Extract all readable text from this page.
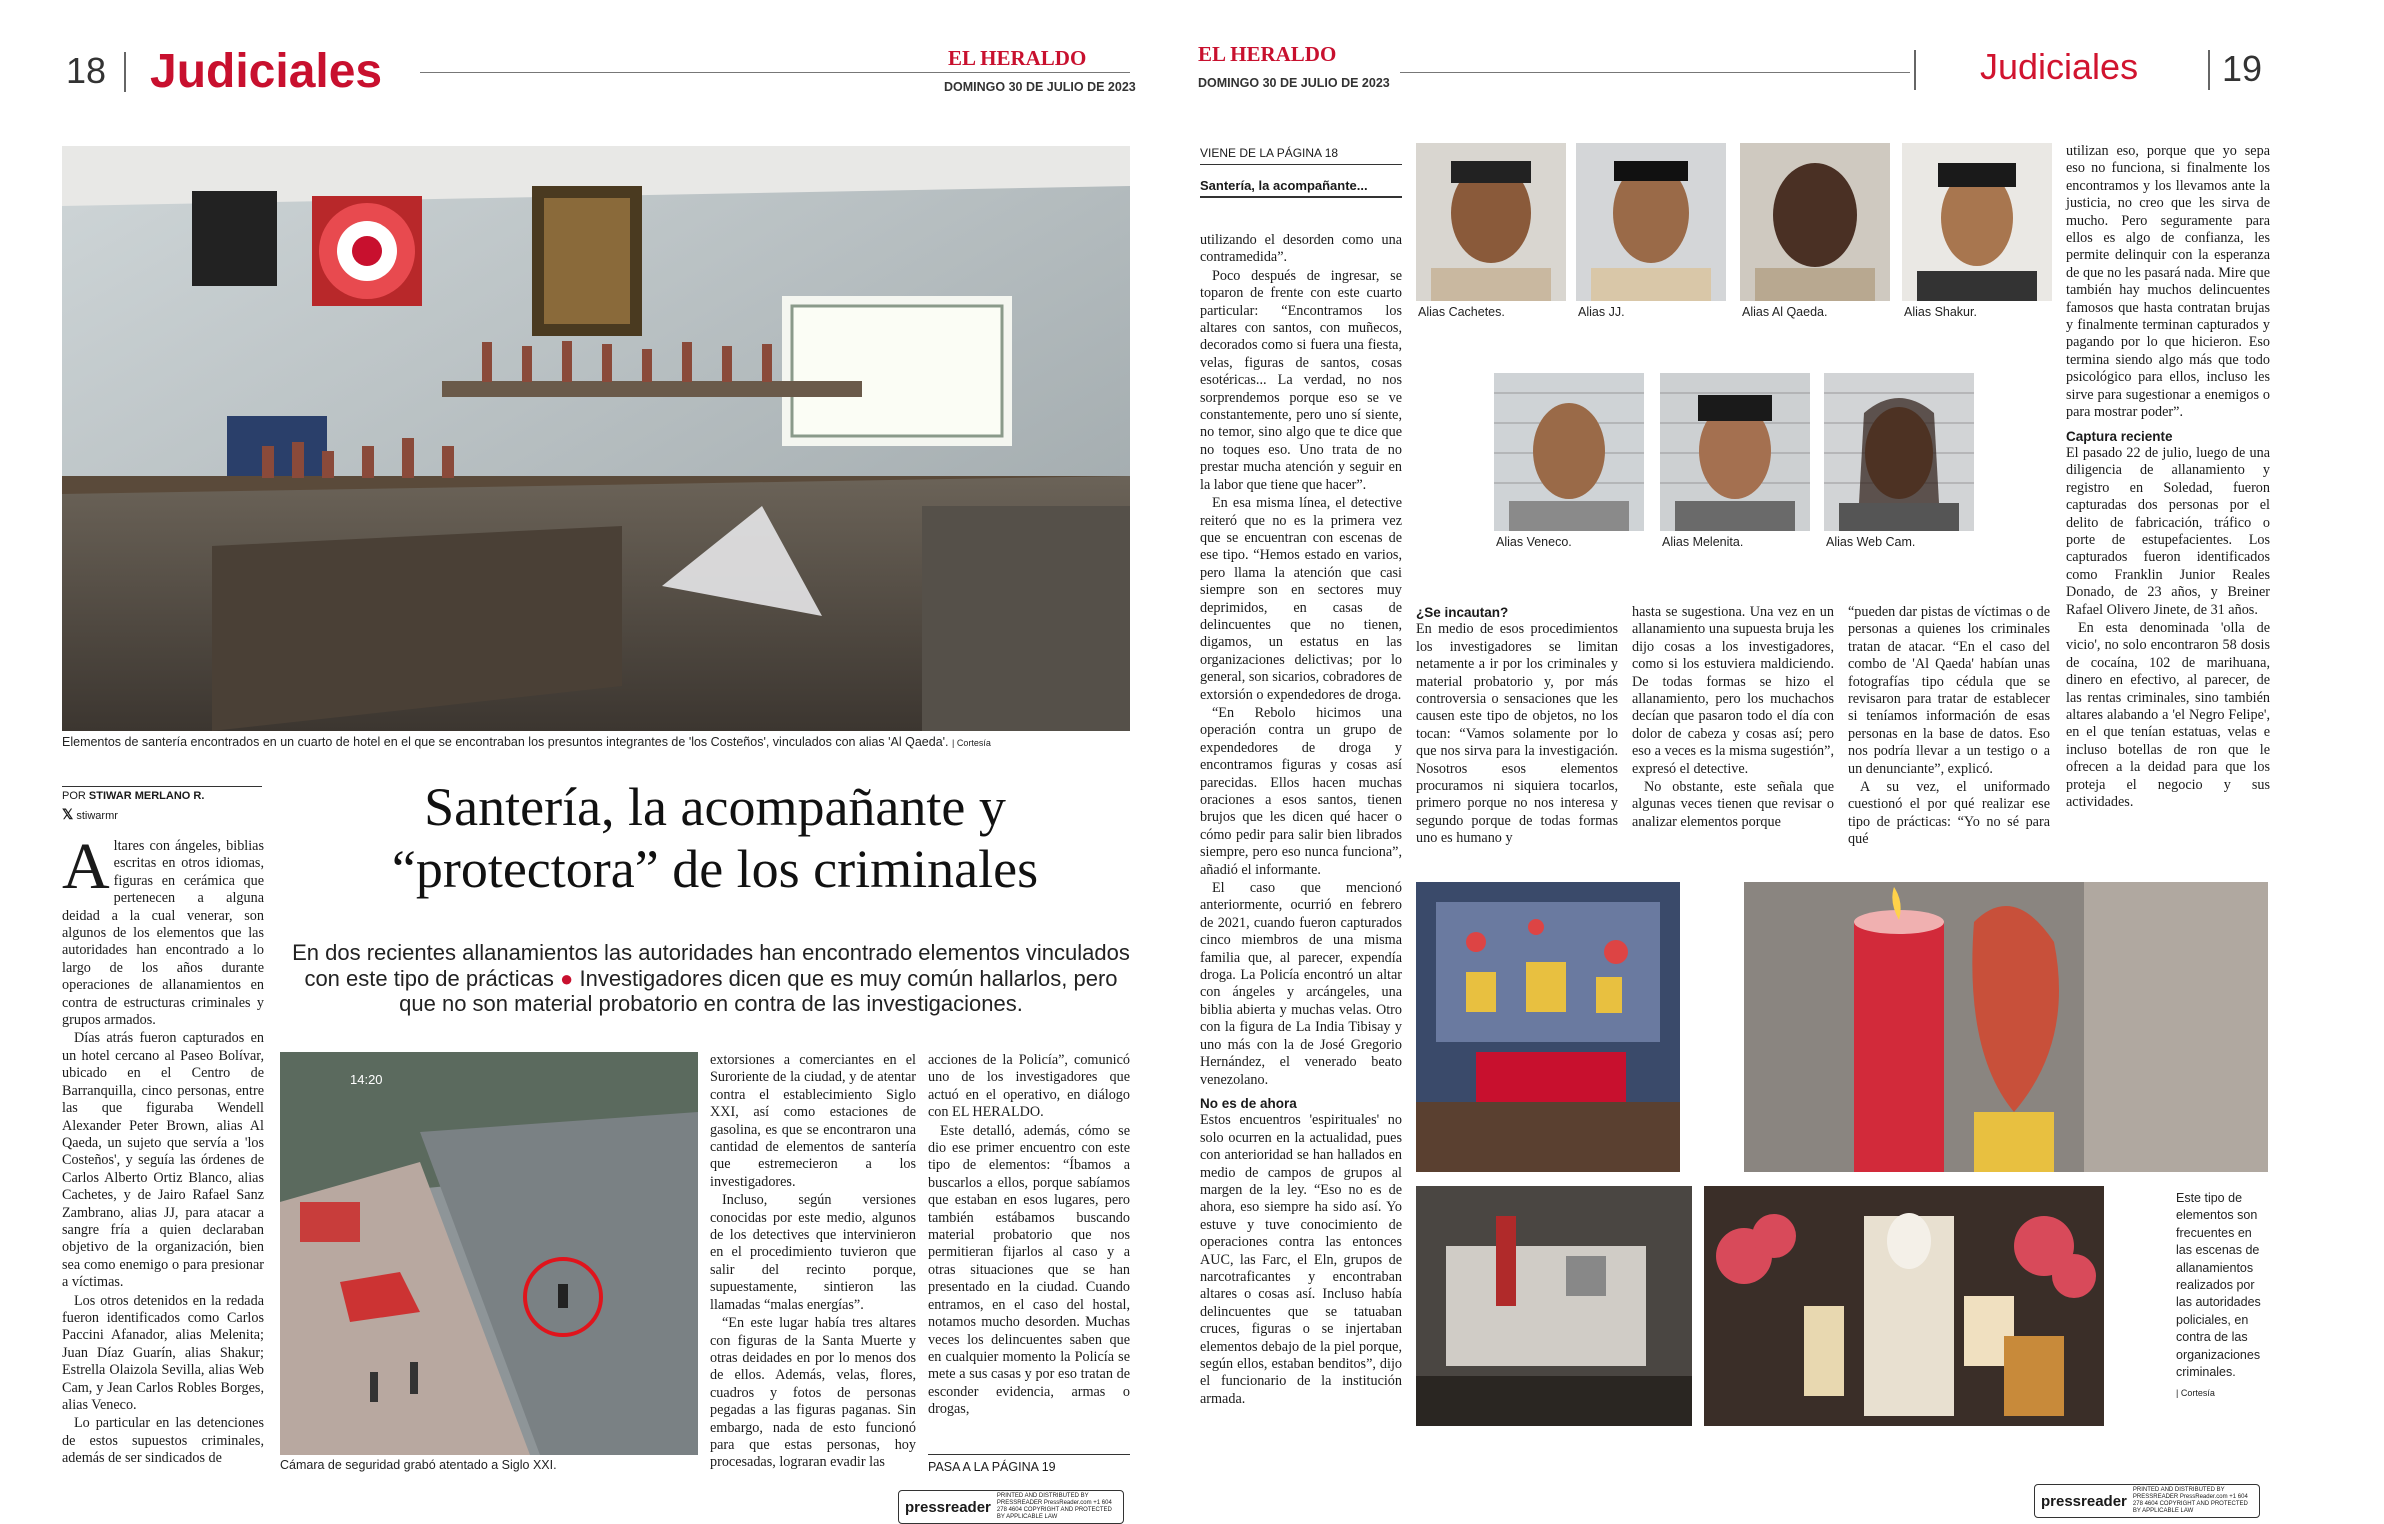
18 Judiciales	EL HERALDO
DOMINGO 30 DE JULIO DE 2023
Elementos de santería encontrados en un cuarto de hotel en el que se encontraban los presuntos integrantes de 'los Costeños', vinculados con alias 'Al Qaeda'. | Cortesía
POR STIWAR MERLANO R.
𝕏 stiwarmr	Santería, la acompañante y
“protectora” de los criminales
En dos recientes allanamientos las autoridades han encontrado elementos vinculados con este tipo de prácticas ● Investigadores dicen que es muy común hallarlos, pero que no son material probatorio en contra de las investigaciones.

Altares con ángeles, biblias escritas en otros idiomas, figuras en cerámica que pertenecen a alguna deidad a la cual venerar, son algunos de los elementos que las autoridades han encontrado a lo largo de los años durante operaciones de allanamientos en contra de estructuras criminales y grupos armados.

Días atrás fueron capturados en un hotel cercano al Paseo Bolívar, ubicado en el Centro de Barranquilla, cinco personas, entre las que figuraba Wendell Alexander Peter Brown, alias Al Qaeda, un sujeto que servía a 'los Costeños', y seguía las órdenes de Carlos Alberto Ortiz Blanco, alias Cachetes, y de Jairo Rafael Sanz Zambrano, alias JJ, para atacar a sangre fría a quien declaraban objetivo de la organización, bien sea como enemigo o para presionar a víctimas.

Los otros detenidos en la redada fueron identificados como Carlos Paccini Afanador, alias Melenita; Juan Díaz Guarín, alias Shakur; Estrella Olaizola Sevilla, alias Web Cam, y Jean Carlos Robles Borges, alias Veneco.

Lo particular en las detenciones de estos supuestos criminales, además de ser sindicados de

14:20
Cámara de seguridad grabó atentado a Siglo XXI.

extorsiones a comerciantes en el Suroriente de la ciudad, y de atentar contra el establecimiento Siglo XXI, así como estaciones de gasolina, es que se encontraron una cantidad de elementos de santería que estremecieron a los investigadores.

Incluso, según versiones conocidas por este medio, algunos de los detectives que intervinieron en el procedimiento tuvieron que salir del recinto porque, supuestamente, sintieron las llamadas “malas energías”.

“En este lugar había tres altares con figuras de la Santa Muerte y otras deidades en por lo menos dos de ellos. Además, velas, flores, cuadros y fotos de personas pegadas a las figuras paganas. Sin embargo, nada de esto funcionó para que estas personas, hoy procesadas, lograran evadir las

acciones de la Policía”, comunicó uno de los investigadores que actuó en el operativo, en diálogo con EL HERALDO.

Este detalló, además, cómo se dio ese primer encuentro con este tipo de elementos: “Íbamos a buscarlos a ellos, porque sabíamos que estaban en esos lugares, pero también estábamos buscando material probatorio que nos permitieran fijarlos al caso y a otras situaciones que se han presentado en la ciudad. Cuando entramos, en el caso del hostal, notamos mucho desorden. Muchas veces los delincuentes saben que en cualquier momento la Policía se mete a sus casas y por eso tratan de esconder evidencia, armas o drogas,

PASA A LA PÁGINA 19
pressreader
PRINTED AND DISTRIBUTED BY PRESSREADER PressReader.com +1 604 278 4604 COPYRIGHT AND PROTECTED BY APPLICABLE LAW
EL HERALDO
DOMINGO 30 DE JULIO DE 2023	Judiciales 19
VIENE DE LA PÁGINA 18
Santería, la acompañante...

utilizando el desorden como una contramedida”.

Poco después de ingresar, se toparon de frente con este cuarto particular: “Encontramos los altares con santos, con muñecos, decorados como si fuera una fiesta, velas, figuras de santos, cosas esotéricas... La verdad, no nos sorprendemos porque eso se ve constantemente, pero uno sí siente, no temor, sino algo que te dice que no toques eso. Uno trata de no prestar mucha atención y seguir en la labor que tiene que hacer”.

En esa misma línea, el detective reiteró que no es la primera vez que se encuentran con escenas de ese tipo. “Hemos estado en varios, pero llama la atención que casi siempre son en sectores muy deprimidos, en casas de delincuentes que no tienen, digamos, un estatus en las organizaciones delictivas; por lo general, son sicarios, cobradores de extorsión o expendedores de droga.

“En Rebolo hicimos una operación contra un grupo de expendedores de droga y encontramos figuras y cosas así parecidas. Ellos hacen muchas oraciones a esos santos, tienen brujos que les dicen qué hacer o cómo pedir para salir bien librados siempre, pero eso nunca funciona”, añadió el informante.

El caso que mencionó anteriormente, ocurrió en febrero de 2021, cuando fueron capturados cinco miembros de una misma familia que, al parecer, expendía droga. La Policía encontró un altar con ángeles y arcángeles, una biblia abierta y muchas velas. Otro con la figura de La India Tibisay y uno más con la de José Gregorio Hernández, el venerado beato venezolano.

No es de ahora

Estos encuentros 'espirituales' no solo ocurren en la actualidad, pues con anterioridad se han hallados en medio de campos de grupos al margen de la ley. “Eso no es de ahora, eso siempre ha sido así. Yo estuve y tuve conocimiento de operaciones contra las entonces AUC, las Farc, el Eln, grupos de narcotraficantes y encontraban altares o cosas así. Incluso había delincuentes que se tatuaban cruces, figuras o se injertaban elementos debajo de la piel porque, según ellos, estaban benditos”, dijo el funcionario de la institución armada.

Alias Cachetes.	Alias JJ.	Alias Al Qaeda.	Alias Shakur.
Alias Veneco.	Alias Melenita.	Alias Web Cam.
¿Se incautan?

En medio de esos procedimientos los investigadores se limitan netamente a ir por los criminales y material probatorio y, por más controversia o sensaciones que les causen este tipo de objetos, no los tocan: “Vamos solamente por lo que nos sirva para la investigación. Nosotros esos elementos procuramos ni siquiera tocarlos, primero porque no nos interesa y segundo porque de todas formas uno es humano y

hasta se sugestiona. Una vez en un allanamiento una supuesta bruja les dijo cosas a los investigadores, como si los estuviera maldiciendo. De todas formas se hizo el allanamiento, pero los muchachos decían que pasaron todo el día con dolor de cabeza y cosas así; pero eso a veces es la misma sugestión”, expresó el detective.

No obstante, este señala que algunas veces tienen que revisar o analizar elementos porque

“pueden dar pistas de víctimas o de personas a quienes los criminales tratan de atacar. “En el caso del combo de 'Al Qaeda' habían unas fotografías tipo cédula que se revisaron para tratar de establecer si teníamos información de esas personas en la base de datos. Eso nos podría llevar a un testigo o a un denunciante”, explicó.

A su vez, el uniformado cuestionó el por qué realizar ese tipo de prácticas: “Yo no sé para qué

utilizan eso, porque que yo sepa eso no funciona, si finalmente los encontramos y los llevamos ante la justicia, no creo que les sirva de mucho. Pero seguramente para ellos es algo de confianza, les permite delinquir con la esperanza de que no les pasará nada. Mire que también hay muchos delincuentes famosos que hasta contratan brujas y finalmente terminan capturados y pagando por lo que hicieron. Eso termina siendo algo más que todo psicológico para ellos, incluso les sirve para sugestionar a enemigos o para mostrar poder”.

Captura reciente

El pasado 22 de julio, luego de una diligencia de allanamiento y registro en Soledad, fueron capturadas dos personas por el delito de fabricación, tráfico o porte de estupefacientes. Los capturados fueron identificados como Franklin Junior Reales Donado, de 23 años, y Breiner Rafael Olivero Jinete, de 31 años.

En esta denominada 'olla de vicio', no solo encontraron 58 dosis de cocaína, 102 de marihuana, dinero en efectivo, al parecer, de las rentas criminales, sino también altares alabando a 'el Negro Felipe', en el que tenían estatuas, velas e incluso botellas de ron que le ofrecen a la deidad para que los proteja el negocio y sus actividades.

Este tipo de elementos son frecuentes en las escenas de allanamientos realizados por las autoridades policiales, en contra de las organizaciones criminales.
| Cortesía
pressreader
PRINTED AND DISTRIBUTED BY PRESSREADER PressReader.com +1 604 278 4604 COPYRIGHT AND PROTECTED BY APPLICABLE LAW
